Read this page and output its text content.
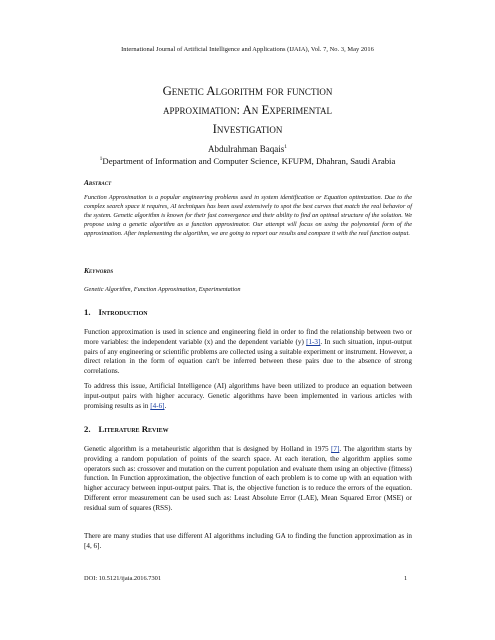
International Journal of Artificial Intelligence and Applications (IJAIA), Vol. 7, No. 3, May 2016
Genetic Algorithm for function
approximation: An Experimental
Investigation
Abdulrahman Baqais$^1$
$^1$Department of Information and Computer Science, KFUPM, Dhahran, Saudi Arabia
Abstract

Function Approximation is a popular engineering problems used in system identification or Equation optimization. Due to the complex search space it requires, AI techniques has been used extensively to spot the best curves that match the real behavior of the system. Genetic algorithm is known for their fast convergence and their ability to find an optimal structure of the solution. We propose using a genetic algorithm as a function approximator. Our attempt will focus on using the polynomial form of the approximation. After implementing the algorithm, we are going to report our results and compare it with the real function output.

Keywords
Genetic Algorithm, Function Approximation, Experimentation
1. Introduction

Function approximation is used in science and engineering field in order to find the relationship between two or more variables: the independent variable (x) and the dependent variable (y) [1-3]. In such situation, input-output pairs of any engineering or scientific problems are collected using a suitable experiment or instrument. However, a direct relation in the form of equation can't be inferred between these pairs due to the absence of strong correlations.

To address this issue, Artificial Intelligence (AI) algorithms have been utilized to produce an equation between input-output pairs with higher accuracy. Genetic algorithms have been implemented in various articles with promising results as in [4-6].

2. Literature Review

Genetic algorithm is a metaheuristic algorithm that is designed by Holland in 1975 [7]. The algorithm starts by providing a random population of points of the search space. At each iteration, the algorithm applies some operators such as: crossover and mutation on the current population and evaluate them using an objective (fitness) function. In Function approximation, the objective function of each problem is to come up with an equation with higher accuracy between input-output pairs. That is, the objective function is to reduce the errors of the equation. Different error measurement can be used such as: Least Absolute Error (LAE), Mean Squared Error (MSE) or residual sum of squares (RSS).

There are many studies that use different AI algorithms including GA to finding the function approximation as in [4, 6].

DOI: 10.5121/ijaia.2016.7301	1
